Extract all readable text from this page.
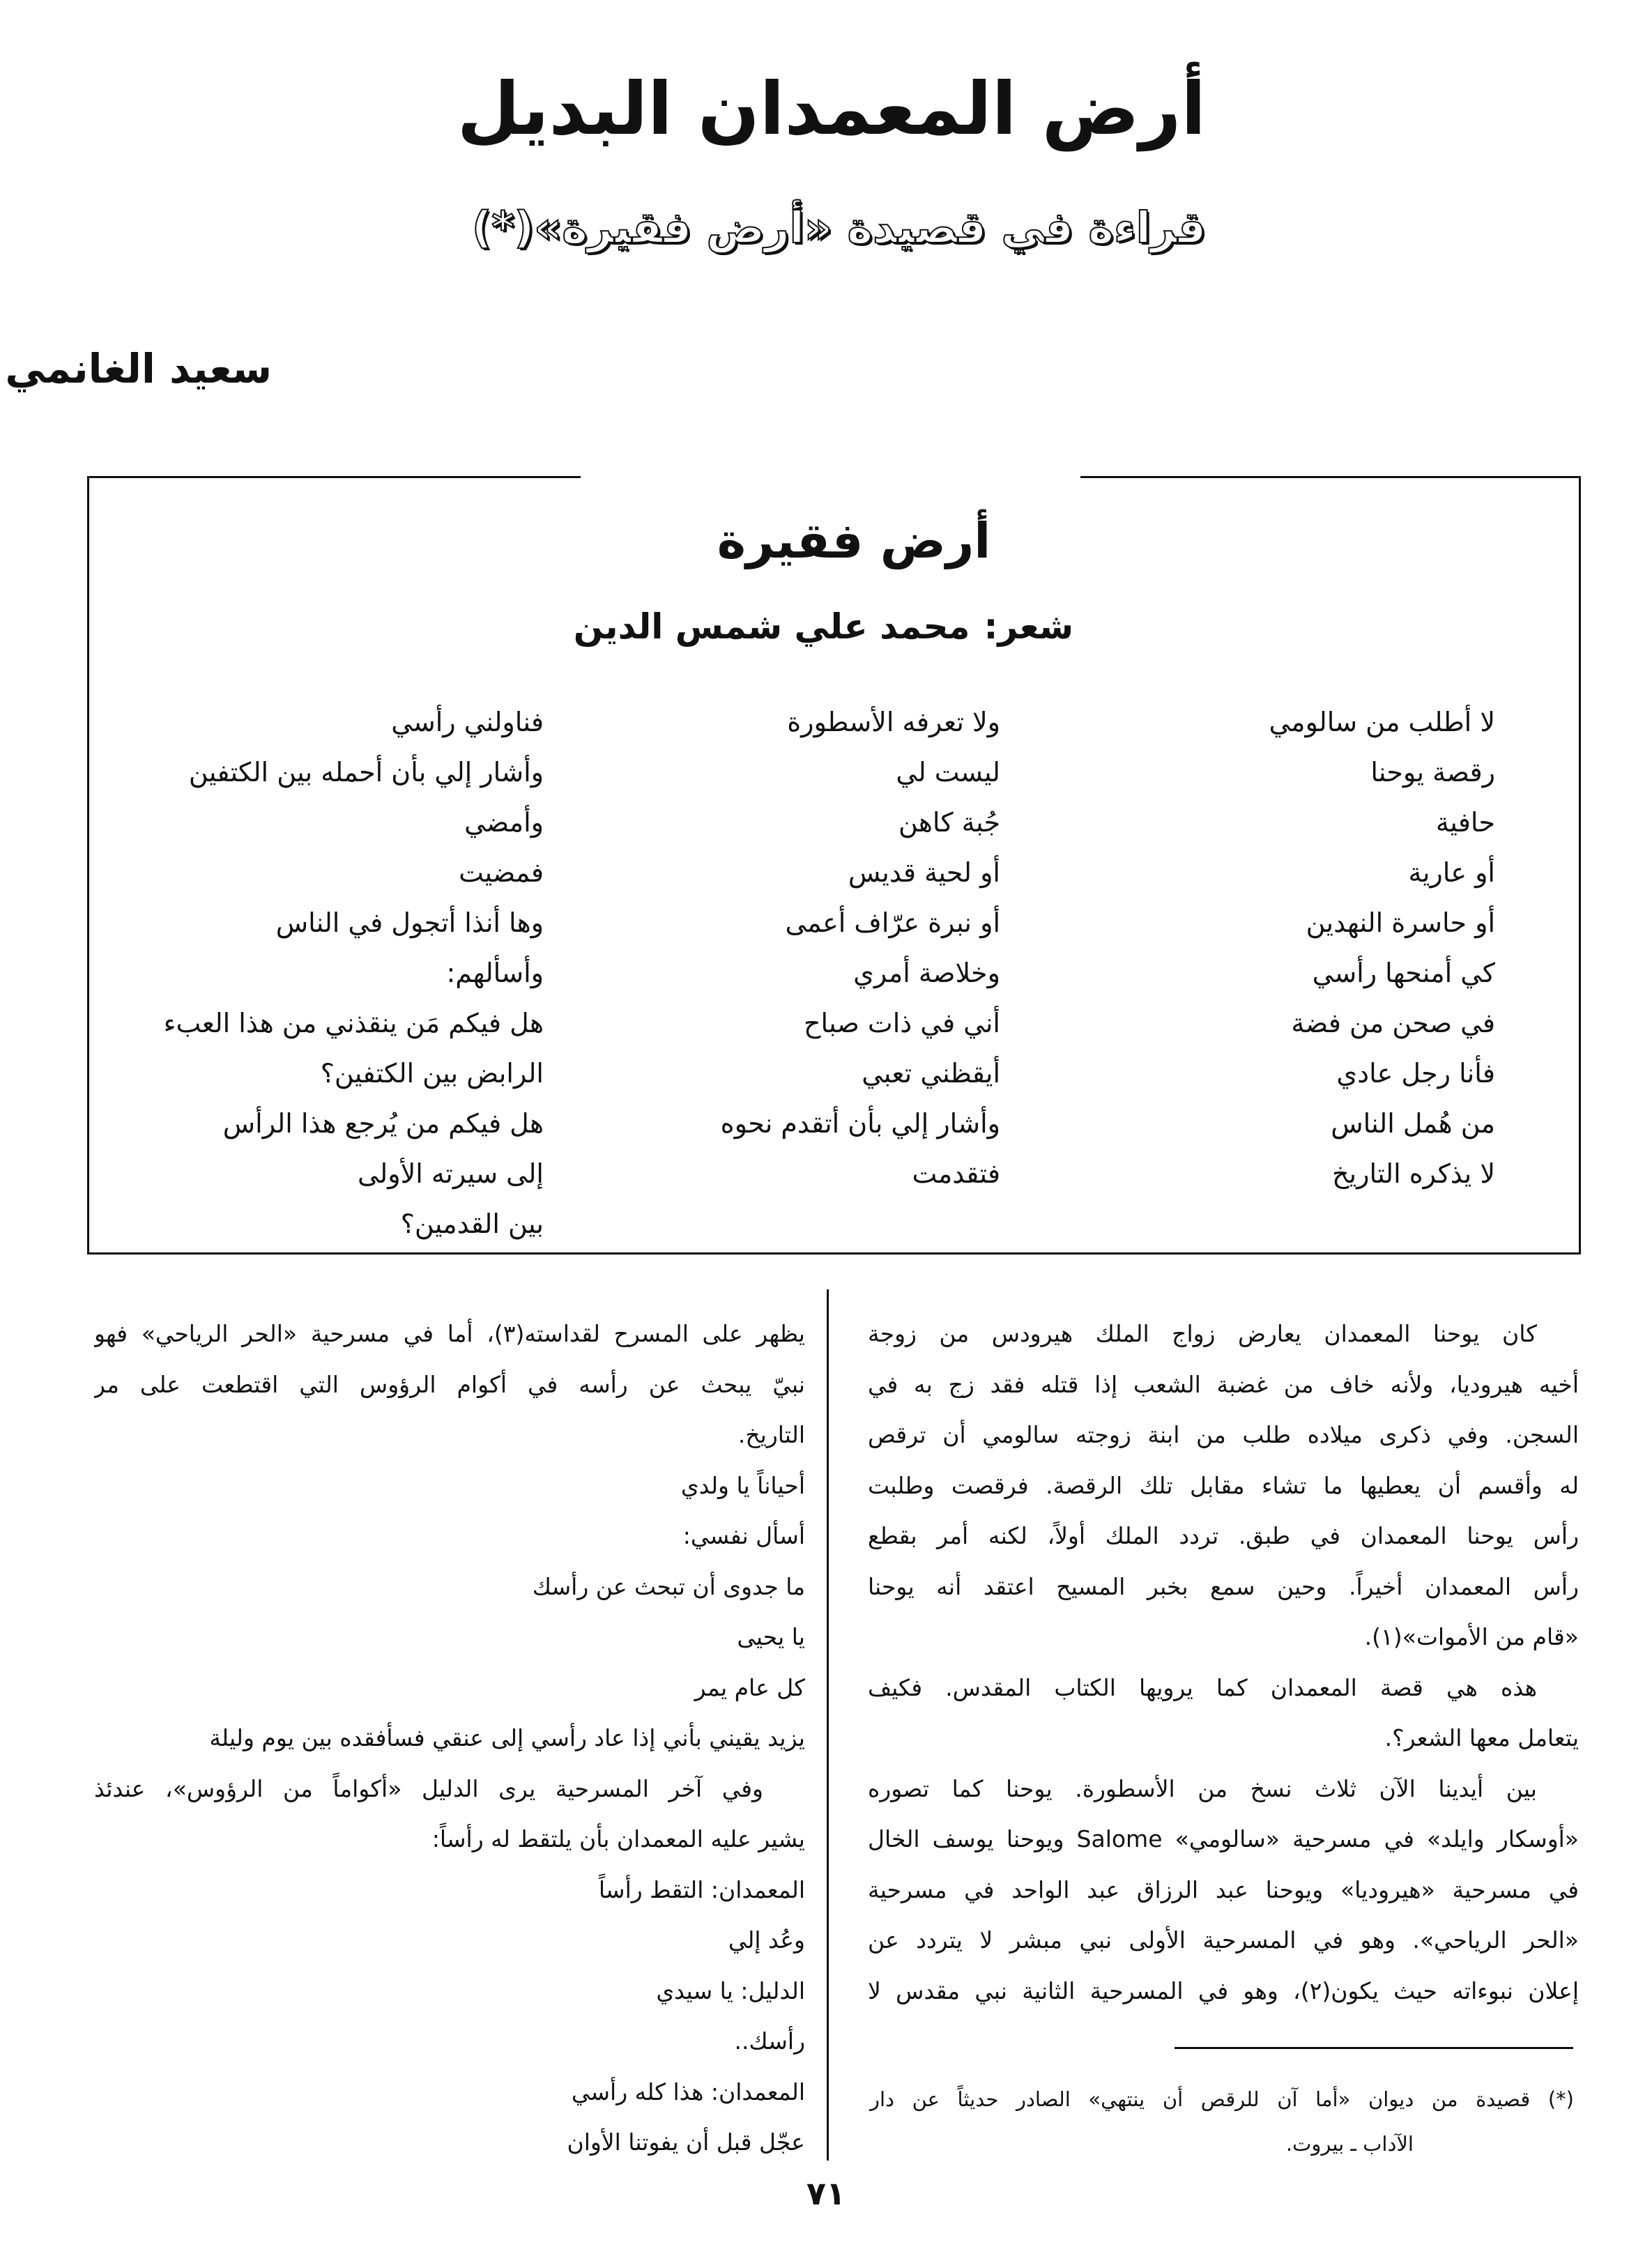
أرض المعمدان البديل
قراءة في قصيدة «أرض فقيرة»(*)
سعيد الغانمي
أرض فقيرة
شعر:محمد علي شمس الدين
لا أطلب من سالومي
رقصة يوحنا
حافية
أو عارية
أو حاسرة النهدين
كي أمنحها رأسي
في صحن من فضة
فأنا رجل عادي
من هُمل الناس
لا يذكره التاريخ
ولا تعرفه الأسطورة
ليست لي
جُبة كاهن
أو لحية قديس
أو نبرة عرّاف أعمى
وخلاصة أمري
أني في ذات صباح
أيقظني تعبي
وأشار إلي بأن أتقدم نحوه
فتقدمت
فناولني رأسي
وأشار إلي بأن أحمله بين الكتفين
وأمضي
فمضيت
وها أنذا أتجول في الناس
وأسألهم:
هل فيكم مَن ينقذني من هذا العبء
الرابض بين الكتفين؟
هل فيكم من يُرجع هذا الرأس
إلى سيرته الأولى
بين القدمين؟
كان يوحنا المعمدان يعارض زواج الملك هيرودس من زوجة
أخيه هيروديا، ولأنه خاف من غضبة الشعب إذا قتله فقد زج به في
السجن. وفي ذكرى ميلاده طلب من ابنة زوجته سالومي أن ترقص
له وأقسم أن يعطيها ما تشاء مقابل تلك الرقصة. فرقصت وطلبت
رأس يوحنا المعمدان في طبق. تردد الملك أولاً، لكنه أمر بقطع
رأس المعمدان أخيراً. وحين سمع بخبر المسيح اعتقد أنه يوحنا
«قام من الأموات»(١).
هذه هي قصة المعمدان كما يرويها الكتاب المقدس. فكيف
يتعامل معها الشعر؟.
بين أيدينا الآن ثلاث نسخ من الأسطورة. يوحنا كما تصوره
«أوسكار وايلد» في مسرحية «سالومي» Salome ويوحنا يوسف الخال
في مسرحية «هيروديا» ويوحنا عبد الرزاق عبد الواحد في مسرحية
«الحر الرياحي». وهو في المسرحية الأولى نبي مبشر لا يتردد عن
إعلان نبوءاته حيث يكون(٢)، وهو في المسرحية الثانية نبي مقدس لا
يظهر على المسرح لقداسته(٣)، أما في مسرحية «الحر الرياحي» فهو
نبيّ يبحث عن رأسه في أكوام الرؤوس التي اقتطعت على مر
التاريخ.
أحياناً يا ولدي
أسأل نفسي:
ما جدوى أن تبحث عن رأسك
يا يحيى
كل عام يمر
يزيد يقيني بأني إذا عاد رأسي إلى عنقي فسأفقده بين يوم وليلة
وفي آخر المسرحية يرى الدليل «أكواماً من الرؤوس»، عندئذ
يشير عليه المعمدان بأن يلتقط له رأساً:
المعمدان: التقط رأساً
وعُد إلي
الدليل: يا سيدي
رأسك..
المعمدان: هذا كله رأسي
عجّل قبل أن يفوتنا الأوان
(*) قصيدة من ديوان «أما آن للرقص أن ينتهي» الصادر حديثاً عن دار
الآداب ـ بيروت.
٧١
